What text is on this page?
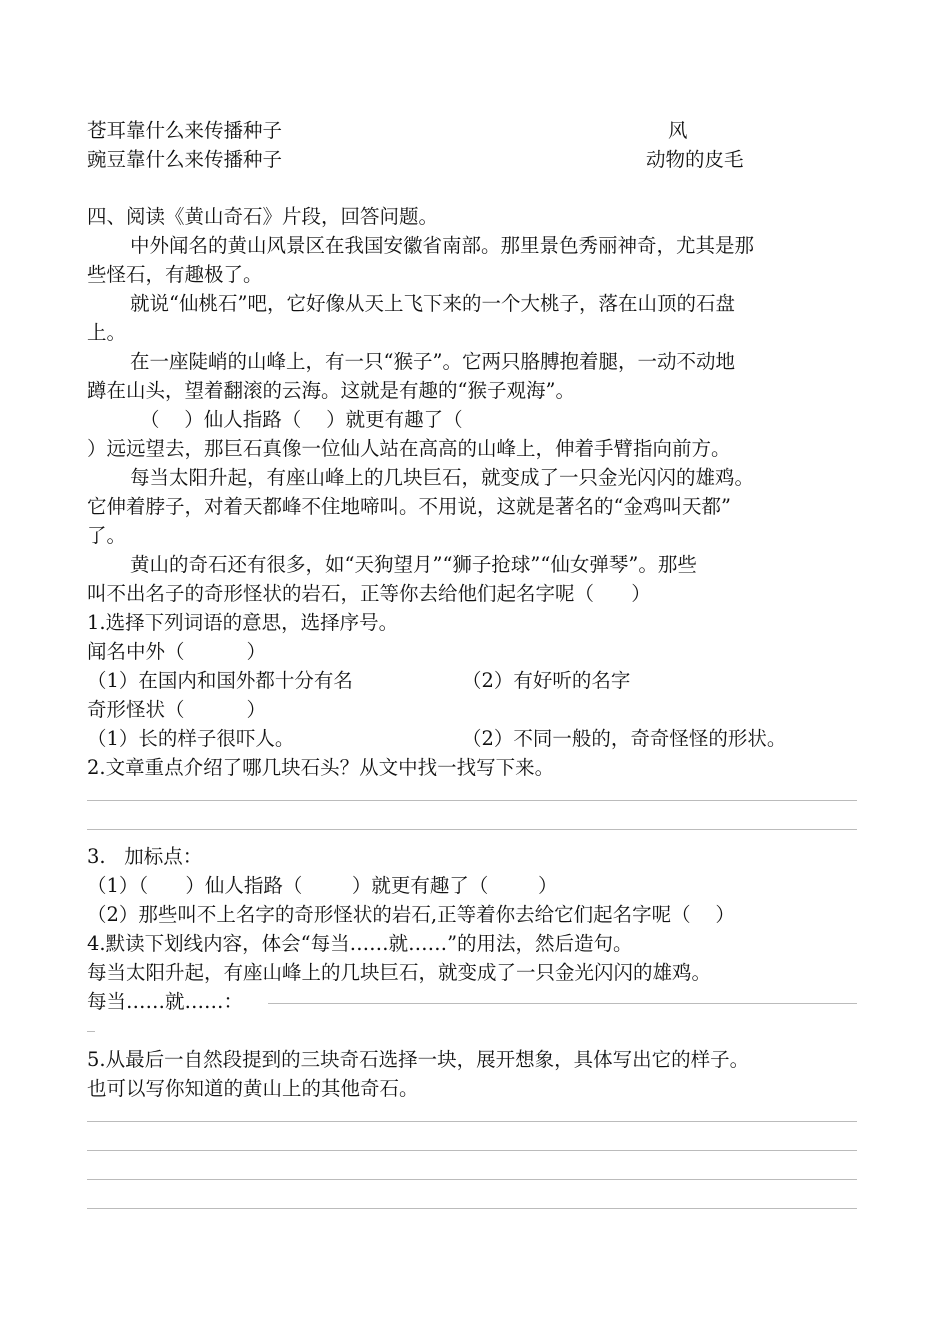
苍耳靠什么来传播种子	风
豌豆靠什么来传播种子	动物的皮毛
四、阅读《黄山奇石》片段，回答问题。
中外闻名的黄山风景区在我国安徽省南部。那里景色秀丽神奇，尤其是那
些怪石，有趣极了。
就说“仙桃石”吧，它好像从天上飞下来的一个大桃子，落在山顶的石盘
上。
在一座陡峭的山峰上，有一只“猴子”。它两只胳膊抱着腿，一动不动地
蹲在山头，望着翻滚的云海。这就是有趣的“猴子观海”。
（    ）仙人指路（    ）就更有趣了（
）远远望去，那巨石真像一位仙人站在高高的山峰上，伸着手臂指向前方。
每当太阳升起，有座山峰上的几块巨石，就变成了一只金光闪闪的雄鸡。
它伸着脖子，对着天都峰不住地啼叫。不用说，这就是著名的“金鸡叫天都”
了。
黄山的奇石还有很多，如“天狗望月”“狮子抢球”“仙女弹琴”。那些
叫不出名子的奇形怪状的岩石，正等你去给他们起名字呢（      ）
1.选择下列词语的意思，选择序号。
闻名中外（          ）
（1）在国内和国外都十分有名	（2）有好听的名字
奇形怪状（          ）
（1）长的样子很吓人。	（2）不同一般的，奇奇怪怪的形状。
2.文章重点介绍了哪几块石头？从文中找一找写下来。
3.   加标点：
（1）（      ）仙人指路（        ）就更有趣了（        ）
（2）那些叫不上名字的奇形怪状的岩石,正等着你去给它们起名字呢（    ）
4.默读下划线内容，体会“每当……就……”的用法，然后造句。
每当太阳升起，有座山峰上的几块巨石，就变成了一只金光闪闪的雄鸡。
每当……就……：
5.从最后一自然段提到的三块奇石选择一块，展开想象，具体写出它的样子。
也可以写你知道的黄山上的其他奇石。
